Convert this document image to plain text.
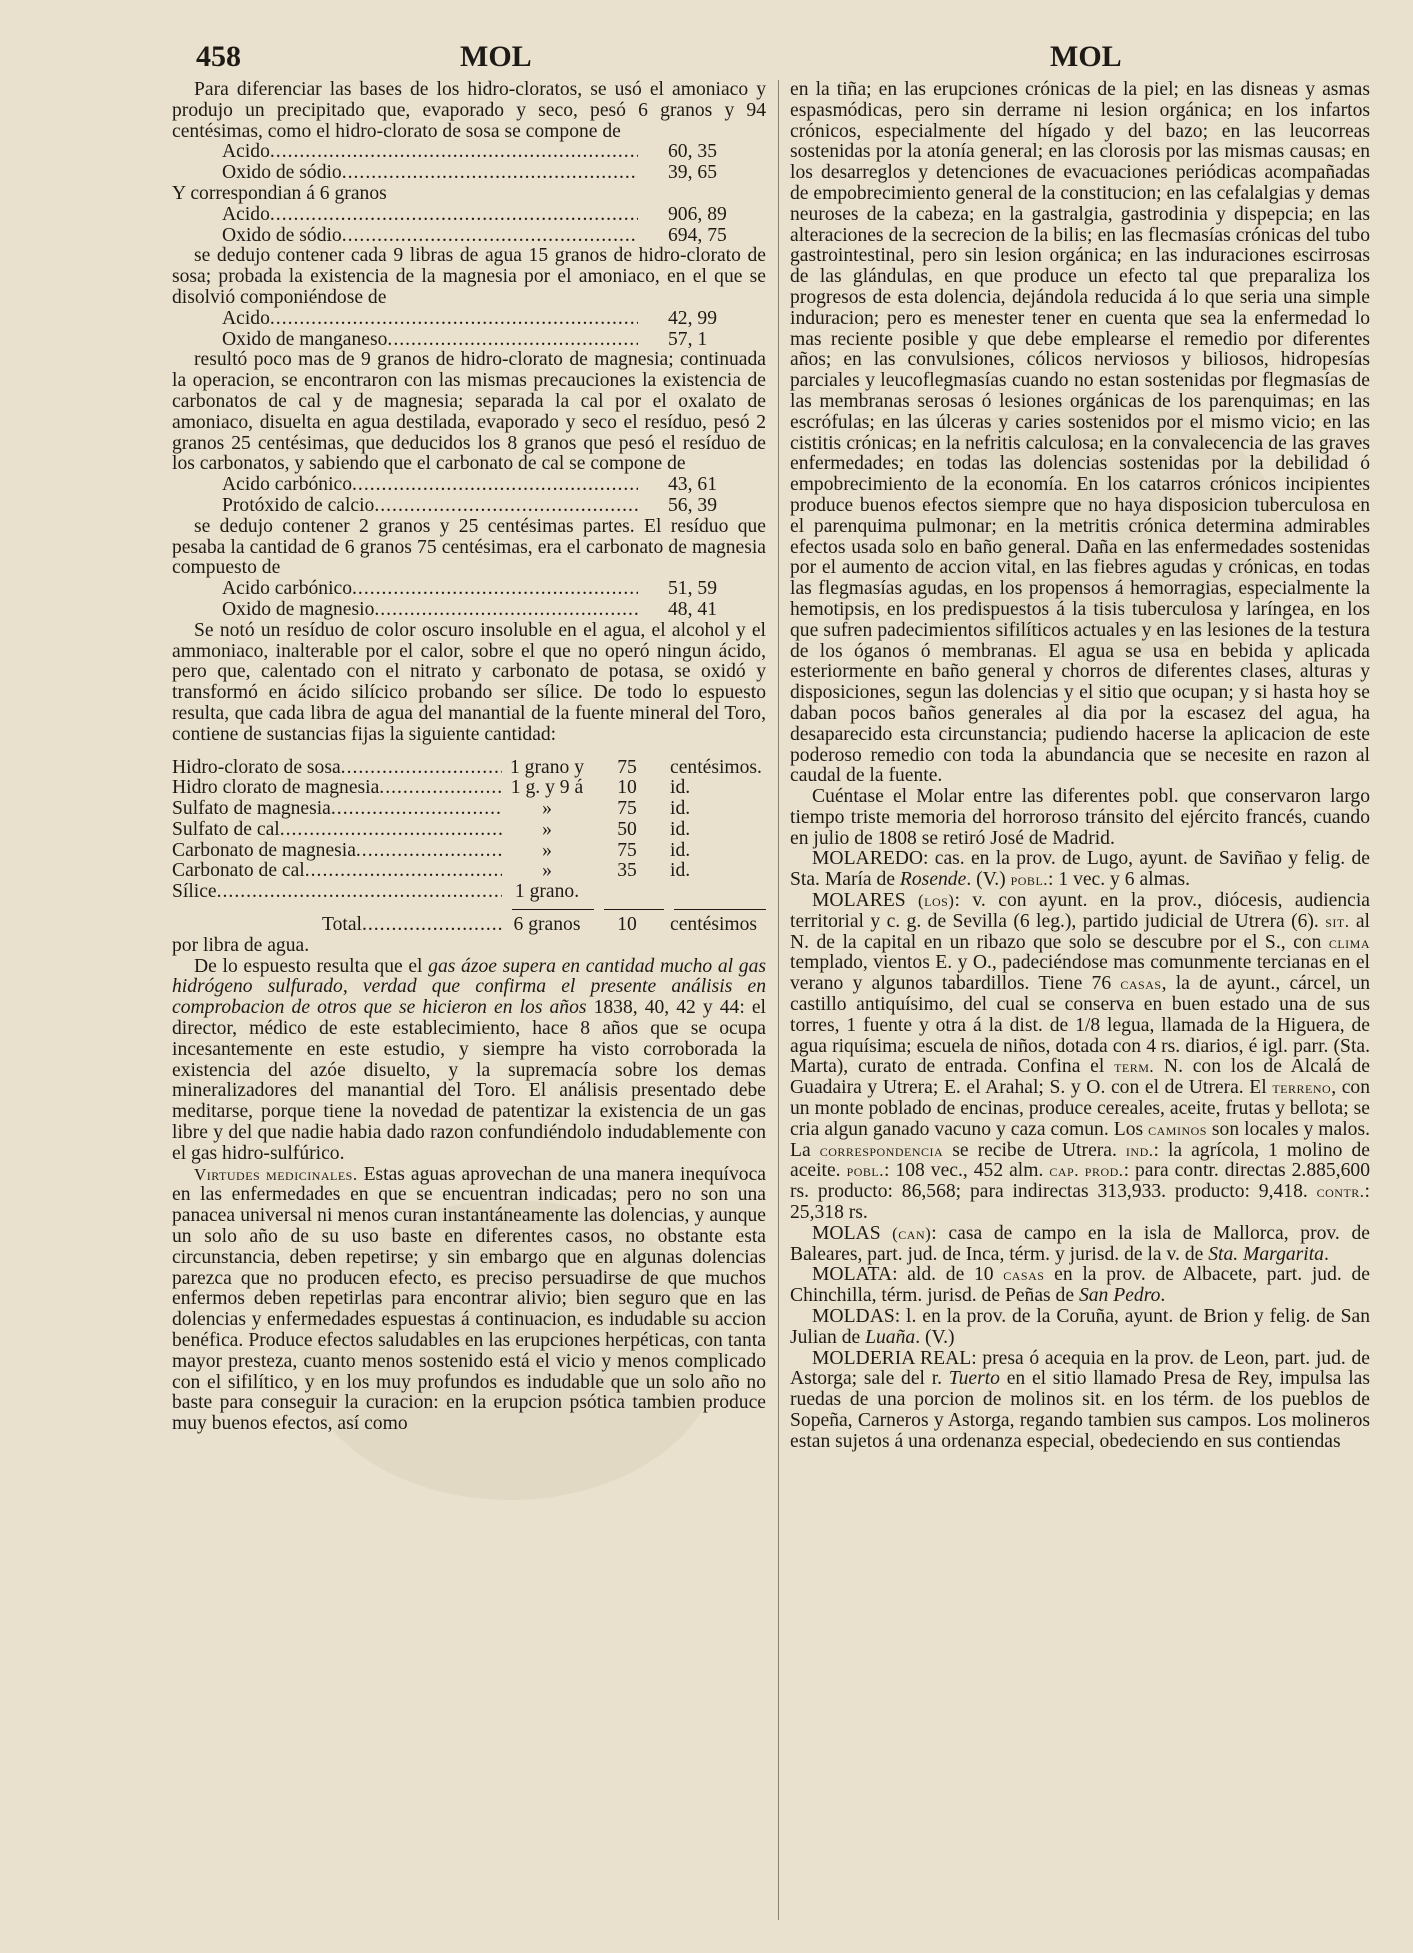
458	MOL	MOL

Para diferenciar las bases de los hidro-cloratos, se usó el amoniaco y produjo un precipitado que, evaporado y seco, pesó 6 granos y 94 centésimas, como el hidro-clorato de sosa se compone de

Acido .....	60, 35
Oxido de sódio .....	39, 65

Y correspondian á 6 granos

Acido .....	906, 89
Oxido de sódio .....	694, 75

se dedujo contener cada 9 libras de agua 15 granos de hidro-clorato de sosa; probada la existencia de la magnesia por el amoniaco, en el que se disolvió componiéndose de

Acido .....	42, 99
Oxido de manganeso .....	57, 1

resultó poco mas de 9 granos de hidro-clorato de magnesia; continuada la operacion, se encontraron con las mismas precauciones la existencia de carbonatos de cal y de magnesia; separada la cal por el oxalato de amoniaco, disuelta en agua destilada, evaporado y seco el resíduo, pesó 2 granos 25 centésimas, que deducidos los 8 granos que pesó el resíduo de los carbonatos, y sabiendo que el carbonato de cal se compone de

Acido carbónico .....	43, 61
Protóxido de calcio .....	56, 39

se dedujo contener 2 granos y 25 centésimas partes. El resíduo que pesaba la cantidad de 6 granos 75 centésimas, era el carbonato de magnesia compuesto de

Acido carbónico .....	51, 59
Oxido de magnesio .....	48, 41

Se notó un resíduo de color oscuro insoluble en el agua, el alcohol y el ammoniaco, inalterable por el calor, sobre el que no operó ningun ácido, pero que, calentado con el nitrato y carbonato de potasa, se oxidó y transformó en ácido silícico probando ser sílice. De todo lo espuesto resulta, que cada libra de agua del manantial de la fuente mineral del Toro, contiene de sustancias fijas la siguiente cantidad:

Hidro-clorato de sosa .....	1 grano y	75	centésimos.
Hidro clorato de magnesia .....	1 g. y 9 á	10	id.
Sulfato de magnesia .....	»	75	id.
Sulfato de cal .....	»	50	id.
Carbonato de magnesia .....	»	75	id.
Carbonato de cal .....	»	35	id.
Sílice .....	1 grano.
Total .....	6 granos	10	centésimos

por libra de agua.

De lo espuesto resulta que el gas ázoe supera en cantidad mucho al gas hidrógeno sulfurado, verdad que confirma el presente análisis en comprobacion de otros que se hicieron en los años 1838, 40, 42 y 44: el director, médico de este establecimiento, hace 8 años que se ocupa incesantemente en este estudio, y siempre ha visto corroborada la existencia del azóe disuelto, y la supremacía sobre los demas mineralizadores del manantial del Toro. El análisis presentado debe meditarse, porque tiene la novedad de patentizar la existencia de un gas libre y del que nadie habia dado razon confundiéndolo indudablemente con el gas hidro-sulfúrico.

Virtudes medicinales. Estas aguas aprovechan de una manera inequívoca en las enfermedades en que se encuentran indicadas; pero no son una panacea universal ni menos curan instantáneamente las dolencias, y aunque un solo año de su uso baste en diferentes casos, no obstante esta circunstancia, deben repetirse; y sin embargo que en algunas dolencias parezca que no producen efecto, es preciso persuadirse de que muchos enfermos deben repetirlas para encontrar alivio; bien seguro que en las dolencias y enfermedades espuestas á continuacion, es indudable su accion benéfica. Produce efectos saludables en las erupciones herpéticas, con tanta mayor presteza, cuanto menos sostenido está el vicio y menos complicado con el sifilítico, y en los muy profundos es indudable que un solo año no baste para conseguir la curacion: en la erupcion psótica tambien produce muy buenos efectos, así como

en la tiña; en las erupciones crónicas de la piel; en las disneas y asmas espasmódicas, pero sin derrame ni lesion orgánica; en los infartos crónicos, especialmente del hígado y del bazo; en las leucorreas sostenidas por la atonía general; en las clorosis por las mismas causas; en los desarreglos y detenciones de evacuaciones periódicas acompañadas de empobrecimiento general de la constitucion; en las cefalalgias y demas neuroses de la cabeza; en la gastralgia, gastrodinia y dispepcia; en las alteraciones de la secrecion de la bilis; en las flecmasías crónicas del tubo gastrointestinal, pero sin lesion orgánica; en las induraciones escirrosas de las glándulas, en que produce un efecto tal que preparaliza los progresos de esta dolencia, dejándola reducida á lo que seria una simple induracion; pero es menester tener en cuenta que sea la enfermedad lo mas reciente posible y que debe emplearse el remedio por diferentes años; en las convulsiones, cólicos nerviosos y biliosos, hidropesías parciales y leucoflegmasías cuando no estan sostenidas por flegmasías de las membranas serosas ó lesiones orgánicas de los parenquimas; en las escrófulas; en las úlceras y caries sostenidos por el mismo vicio; en las cistitis crónicas; en la nefritis calculosa; en la convalecencia de las graves enfermedades; en todas las dolencias sostenidas por la debilidad ó empobrecimiento de la economía. En los catarros crónicos incipientes produce buenos efectos siempre que no haya disposicion tuberculosa en el parenquima pulmonar; en la metritis crónica determina admirables efectos usada solo en baño general. Daña en las enfermedades sostenidas por el aumento de accion vital, en las fiebres agudas y crónicas, en todas las flegmasías agudas, en los propensos á hemorragias, especialmente la hemotipsis, en los predispuestos á la tisis tuberculosa y laríngea, en los que sufren padecimientos sifilíticos actuales y en las lesiones de la testura de los óganos ó membranas. El agua se usa en bebida y aplicada esteriormente en baño general y chorros de diferentes clases, alturas y disposiciones, segun las dolencias y el sitio que ocupan; y si hasta hoy se daban pocos baños generales al dia por la escasez del agua, ha desaparecido esta circunstancia; pudiendo hacerse la aplicacion de este poderoso remedio con toda la abundancia que se necesite en razon al caudal de la fuente.

Cuéntase el Molar entre las diferentes pobl. que conservaron largo tiempo triste memoria del horroroso tránsito del ejército francés, cuando en julio de 1808 se retiró José de Madrid.

MOLAREDO: cas. en la prov. de Lugo, ayunt. de Saviñao y felig. de Sta. María de Rosende. (V.) pobl.: 1 vec. y 6 almas.

MOLARES (los): v. con ayunt. en la prov., diócesis, audiencia territorial y c. g. de Sevilla (6 leg.), partido judicial de Utrera (6). sit. al N. de la capital en un ribazo que solo se descubre por el S., con clima templado, vientos E. y O., padeciéndose mas comunmente tercianas en el verano y algunos tabardillos. Tiene 76 casas, la de ayunt., cárcel, un castillo antiquísimo, del cual se conserva en buen estado una de sus torres, 1 fuente y otra á la dist. de 1/8 legua, llamada de la Higuera, de agua riquísima; escuela de niños, dotada con 4 rs. diarios, é igl. parr. (Sta. Marta), curato de entrada. Confina el term. N. con los de Alcalá de Guadaira y Utrera; E. el Arahal; S. y O. con el de Utrera. El terreno, con un monte poblado de encinas, produce cereales, aceite, frutas y bellota; se cria algun ganado vacuno y caza comun. Los caminos son locales y malos. La correspondencia se recibe de Utrera. ind.: la agrícola, 1 molino de aceite. pobl.: 108 vec., 452 alm. cap. prod.: para contr. directas 2.885,600 rs. producto: 86,568; para indirectas 313,933. producto: 9,418. contr.: 25,318 rs.

MOLAS (can): casa de campo en la isla de Mallorca, prov. de Baleares, part. jud. de Inca, térm. y jurisd. de la v. de Sta. Margarita.

MOLATA: ald. de 10 casas en la prov. de Albacete, part. jud. de Chinchilla, térm. jurisd. de Peñas de San Pedro.

MOLDAS: l. en la prov. de la Coruña, ayunt. de Brion y felig. de San Julian de Luaña. (V.)

MOLDERIA REAL: presa ó acequia en la prov. de Leon, part. jud. de Astorga; sale del r. Tuerto en el sitio llamado Presa de Rey, impulsa las ruedas de una porcion de molinos sit. en los térm. de los pueblos de Sopeña, Carneros y Astorga, regando tambien sus campos. Los molineros estan sujetos á una ordenanza especial, obedeciendo en sus contiendas
